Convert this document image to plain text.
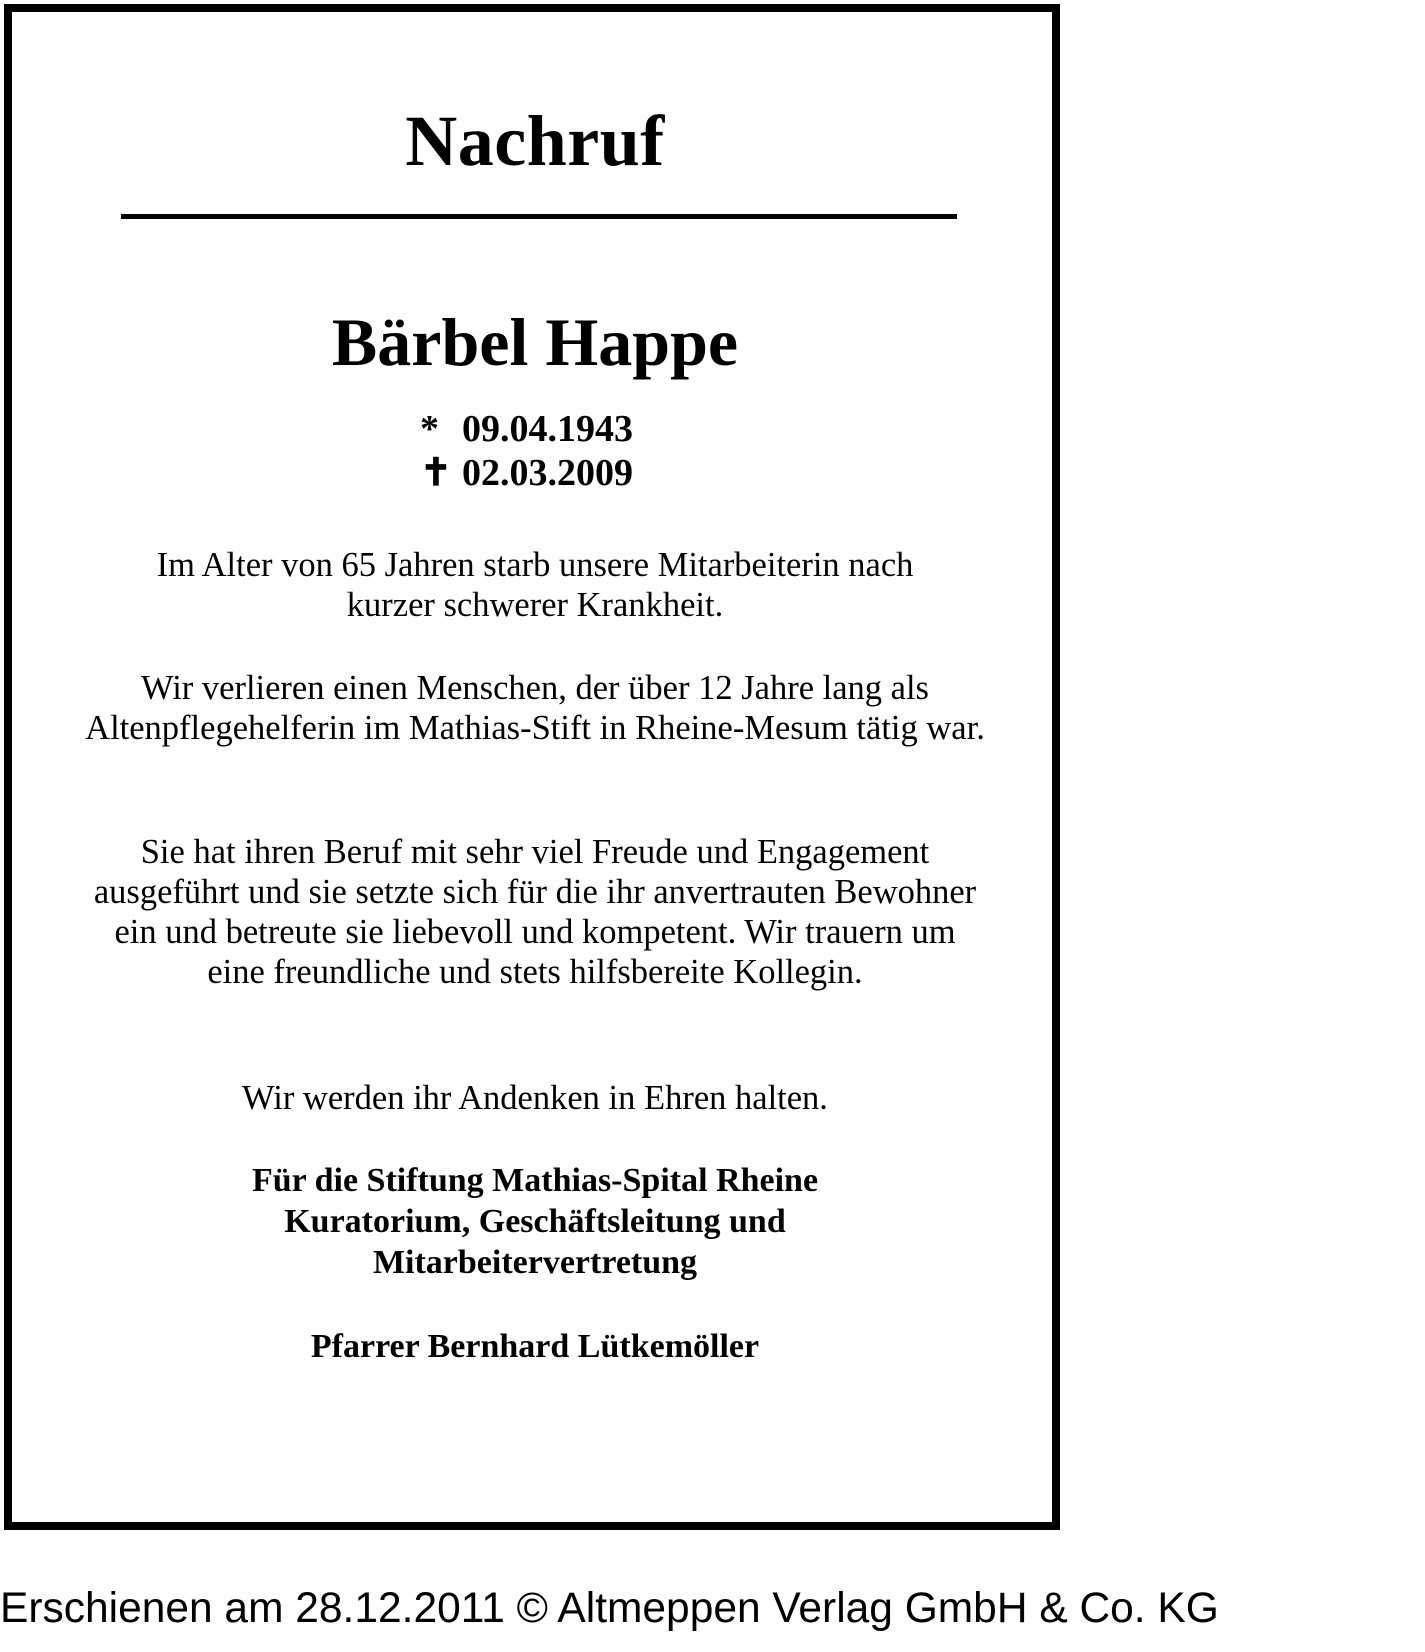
Nachruf
Bärbel Happe
* 09.04.1943
✝ 02.03.2009
Im Alter von 65 Jahren starb unsere Mitarbeiterin nach
kurzer schwerer Krankheit.
Wir verlieren einen Menschen, der über 12 Jahre lang als
Altenpflegehelferin im Mathias-Stift in Rheine-Mesum tätig war.
Sie hat ihren Beruf mit sehr viel Freude und Engagement
ausgeführt und sie setzte sich für die ihr anvertrauten Bewohner
ein und betreute sie liebevoll und kompetent. Wir trauern um
eine freundliche und stets hilfsbereite Kollegin.
Wir werden ihr Andenken in Ehren halten.
Für die Stiftung Mathias-Spital Rheine
Kuratorium, Geschäftsleitung und
Mitarbeitervertretung
Pfarrer Bernhard Lütkemöller
Erschienen am 28.12.2011 © Altmeppen Verlag GmbH & Co. KG
